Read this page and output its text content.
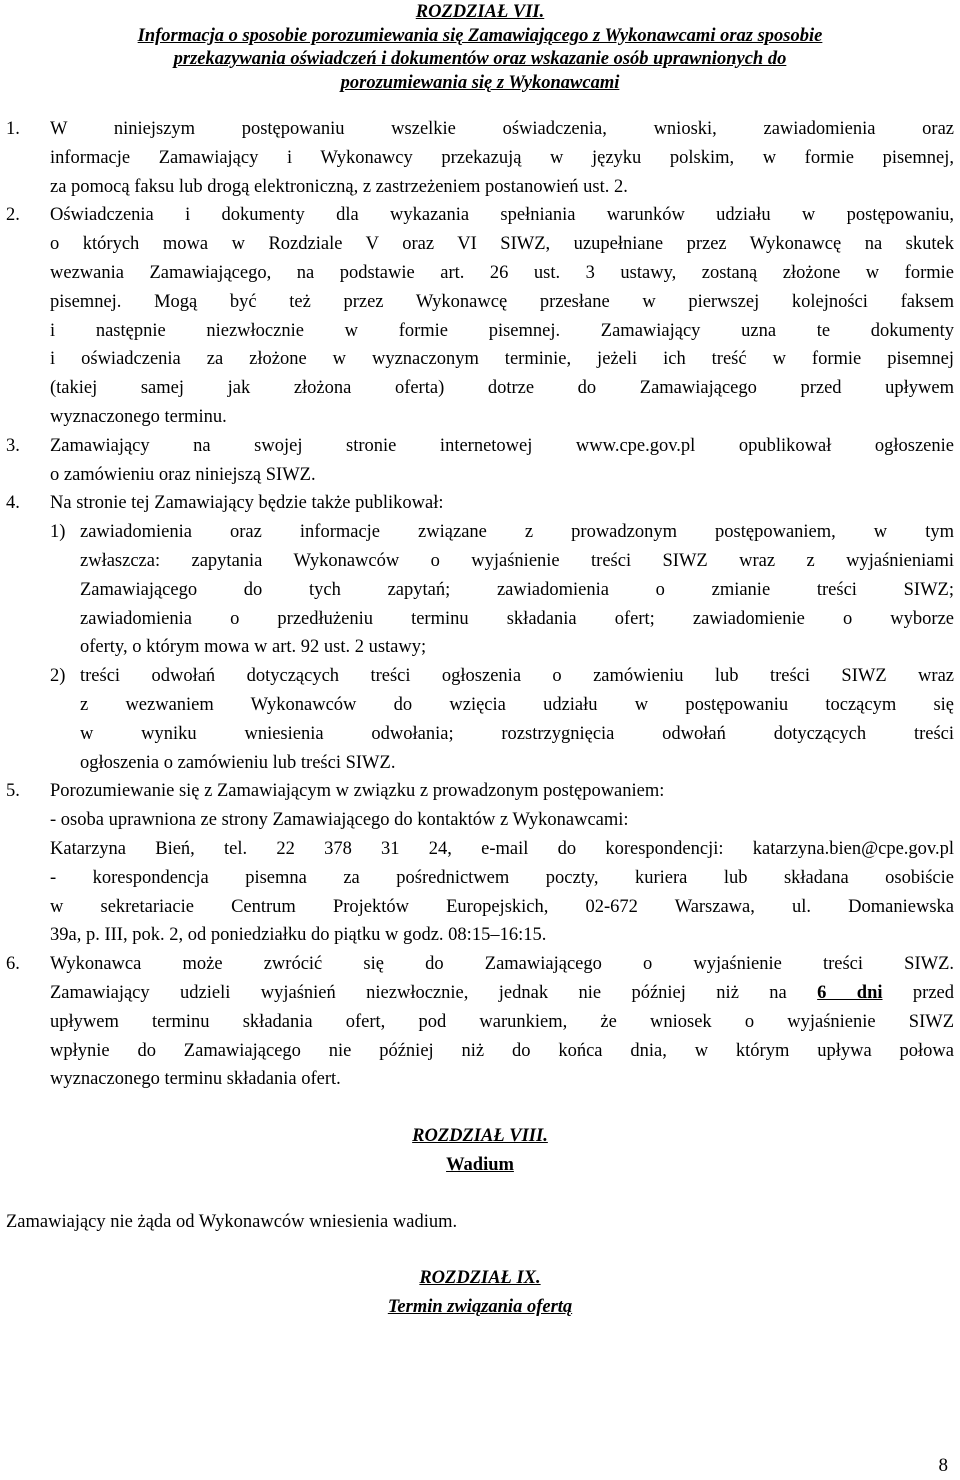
ROZDZIAŁ VII.

Informacja o sposobie porozumiewania się Zamawiającego z Wykonawcami oraz sposobie
przekazywania oświadczeń i dokumentów oraz wskazanie osób uprawnionych do
porozumiewania się z Wykonawcami

1. W niniejszym postępowaniu wszelkie oświadczenia, wnioski, zawiadomienia oraz
informacje Zamawiający i Wykonawcy przekazują w języku polskim, w formie pisemnej,
za pomocą faksu lub drogą elektroniczną, z zastrzeżeniem postanowień ust. 2.
2. Oświadczenia i dokumenty dla wykazania spełniania warunków udziału w postępowaniu,
o których mowa w Rozdziale V oraz VI SIWZ, uzupełniane przez Wykonawcę na skutek
wezwania Zamawiającego, na podstawie art. 26 ust. 3 ustawy, zostaną złożone w formie
pisemnej. Mogą być też przez Wykonawcę przesłane w pierwszej kolejności faksem
i następnie niezwłocznie w formie pisemnej. Zamawiający uzna te dokumenty
i oświadczenia za złożone w wyznaczonym terminie, jeżeli ich treść w formie pisemnej
(takiej samej jak złożona oferta) dotrze do Zamawiającego przed upływem
wyznaczonego terminu.
3. Zamawiający na swojej stronie internetowej www.cpe.gov.pl opublikował ogłoszenie
o zamówieniu oraz niniejszą SIWZ.
4. Na stronie tej Zamawiający będzie także publikował:
1) zawiadomienia oraz informacje związane z prowadzonym postępowaniem, w tym
zwłaszcza: zapytania Wykonawców o wyjaśnienie treści SIWZ wraz z wyjaśnieniami
Zamawiającego do tych zapytań; zawiadomienia o zmianie treści SIWZ;
zawiadomienia o przedłużeniu terminu składania ofert; zawiadomienie o wyborze
oferty, o którym mowa w art. 92 ust. 2 ustawy;
2) treści odwołań dotyczących treści ogłoszenia o zamówieniu lub treści SIWZ wraz
z wezwaniem Wykonawców do wzięcia udziału w postępowaniu toczącym się
w wyniku wniesienia odwołania; rozstrzygnięcia odwołań dotyczących treści
ogłoszenia o zamówieniu lub treści SIWZ.
5. Porozumiewanie się z Zamawiającym w związku z prowadzonym postępowaniem:
- osoba uprawniona ze strony Zamawiającego do kontaktów z Wykonawcami:
Katarzyna Bień, tel. 22 378 31 24, e-mail do korespondencji: katarzyna.bien@cpe.gov.pl
- korespondencja pisemna za pośrednictwem poczty, kuriera lub składana osobiście
w sekretariacie Centrum Projektów Europejskich, 02-672 Warszawa, ul. Domaniewska
39a, p. III, pok. 2, od poniedziałku do piątku w godz. 08:15–16:15.
6. Wykonawca może zwrócić się do Zamawiającego o wyjaśnienie treści SIWZ.
Zamawiający udzieli wyjaśnień niezwłocznie, jednak nie później niż na 6 dni przed
upływem terminu składania ofert, pod warunkiem, że wniosek o wyjaśnienie SIWZ
wpłynie do Zamawiającego nie później niż do końca dnia, w którym upływa połowa
wyznaczonego terminu składania ofert.

ROZDZIAŁ VIII.

Wadium

Zamawiający nie żąda od Wykonawców wniesienia wadium.

ROZDZIAŁ IX.

Termin związania ofertą

8
